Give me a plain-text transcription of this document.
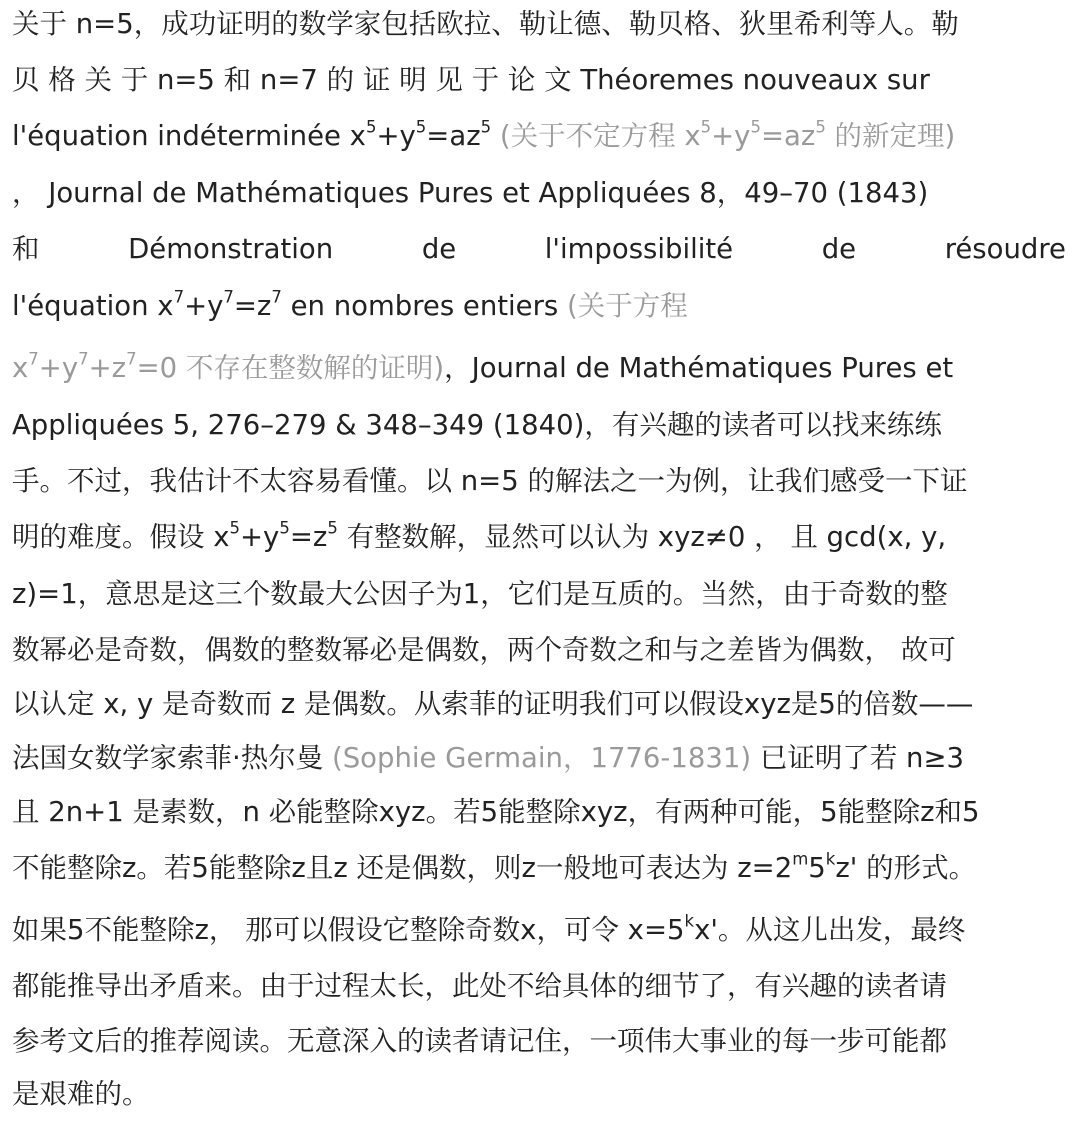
关于 n=5，成功证明的数学家包括欧拉、勒让德、勒贝格、狄里希利等人。勒
贝 格 关 于 n=5 和 n=7 的 证 明 见 于 论 文 Théoremes nouveaux sur
l'équation indéterminée $x^5+y^5=az^5$ (关于不定方程 $x^5+y^5=az^5$ 的新定理)
， Journal de Mathématiques Pures et Appliquées 8，49–70 (1843)
和	Démonstration	de	l'impossibilité	de	résoudre
l'équation $x^7+y^7=z^7$ en nombres entiers (关于方程
$x^7+y^7+z^7=0$ 不存在整数解的证明)，Journal de Mathématiques Pures et
Appliquées 5, 276–279 & 348–349 (1840)，有兴趣的读者可以找来练练
手。不过，我估计不太容易看懂。以 n=5 的解法之一为例，让我们感受一下证
明的难度。假设 $x^5+y^5=z^5$ 有整数解，显然可以认为 xyz≠0 ， 且 gcd(x, y,
z)=1，意思是这三个数最大公因子为1，它们是互质的。当然，由于奇数的整
数幂必是奇数，偶数的整数幂必是偶数，两个奇数之和与之差皆为偶数， 故可
以认定 x, y 是奇数而 z 是偶数。从索菲的证明我们可以假设xyz是5的倍数——
法国女数学家索菲·热尔曼 (Sophie Germain，1776-1831) 已证明了若 n≥3
且 2n+1 是素数，n 必能整除xyz。若5能整除xyz，有两种可能，5能整除z和5
不能整除z。若5能整除z且z 还是偶数，则z一般地可表达为 $z=2^m5^kz'$ 的形式。
如果5不能整除z， 那可以假设它整除奇数x，可令 $x=5^kx'$。从这儿出发，最终
都能推导出矛盾来。由于过程太长，此处不给具体的细节了，有兴趣的读者请
参考文后的推荐阅读。无意深入的读者请记住，一项伟大事业的每一步可能都
是艰难的。
